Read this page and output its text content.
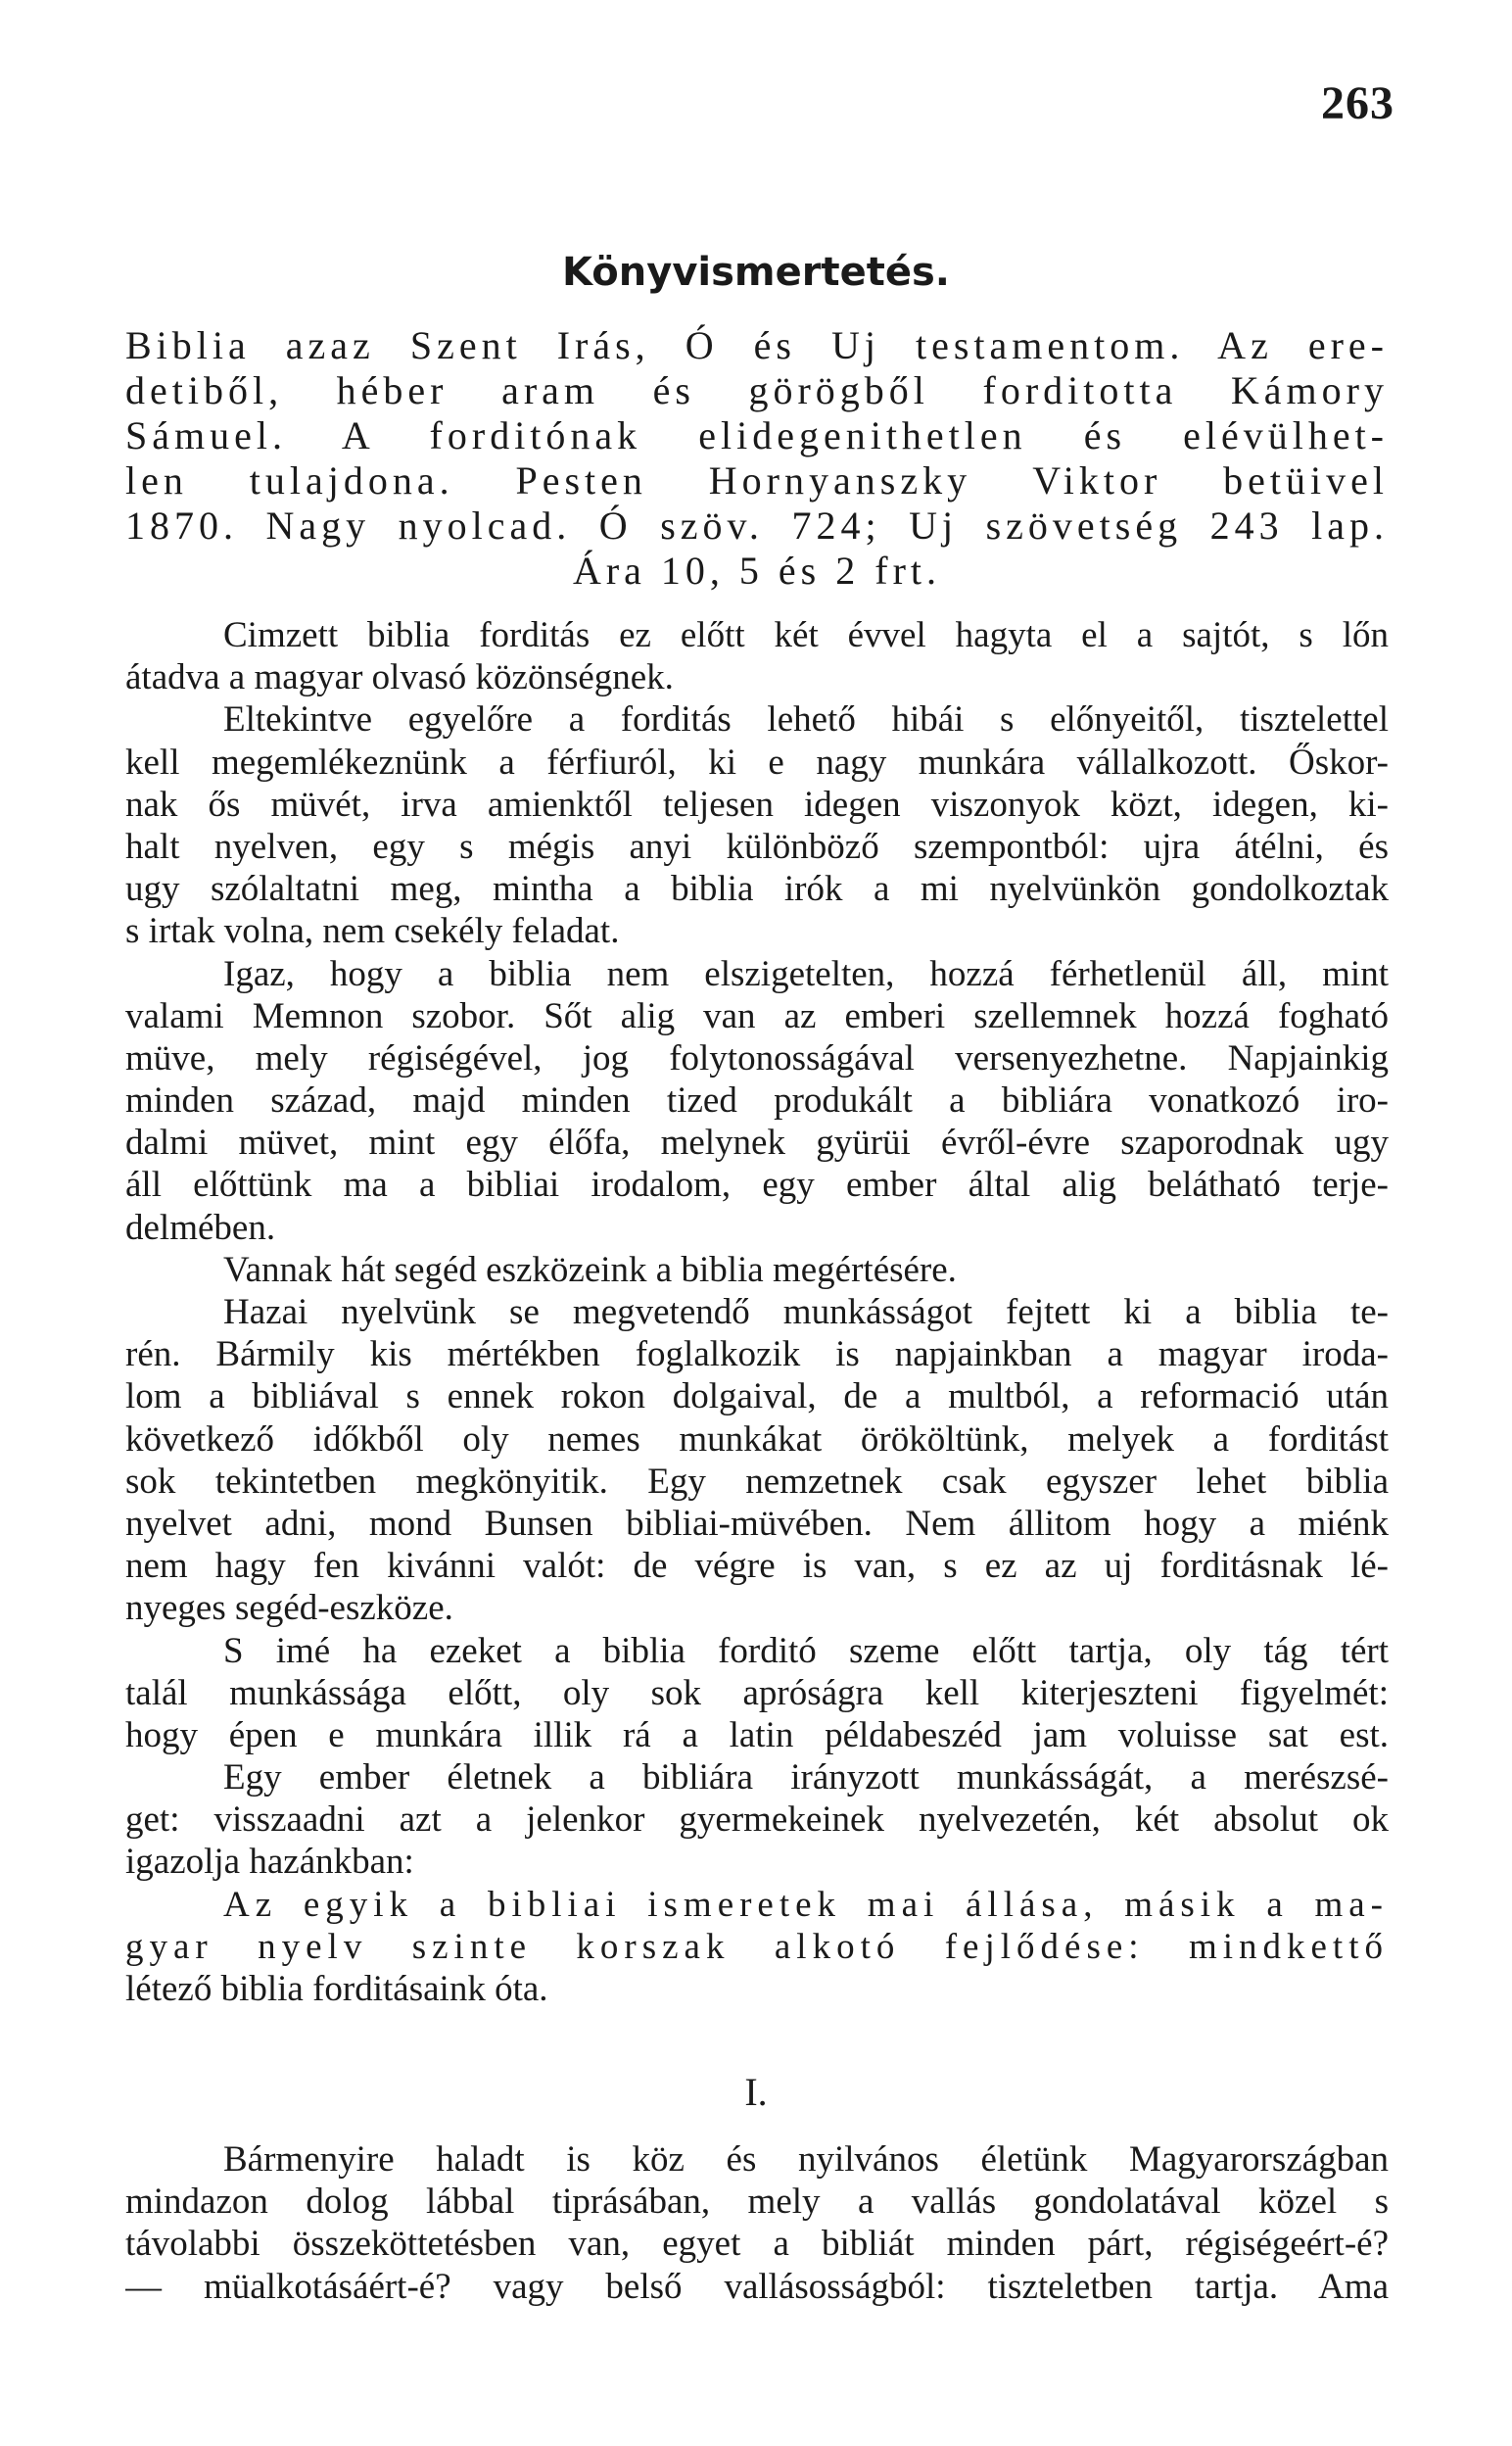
263
Könyvismertetés.
Biblia azaz Szent Irás, Ó és Uj testamentom. Az ere-
detiből, héber aram és görögből forditotta Kámory
Sámuel. A forditónak elidegenithetlen és elévülhet-
len tulajdona. Pesten Hornyanszky Viktor betüivel
1870. Nagy nyolcad. Ó szöv. 724; Uj szövetség 243 lap.
Ára 10, 5 és 2 frt.
Cimzett biblia forditás ez előtt két évvel hagyta el a sajtót, s lőn
átadva a magyar olvasó közönségnek.
Eltekintve egyelőre a forditás lehető hibái s előnyeitől, tisztelettel
kell megemlékeznünk a férfiuról, ki e nagy munkára vállalkozott. Őskor-
nak ős müvét, irva amienktől teljesen idegen viszonyok közt, idegen, ki-
halt nyelven, egy s mégis anyi különböző szempontból: ujra átélni, és
ugy szólaltatni meg, mintha a biblia irók a mi nyelvünkön gondolkoztak
s irtak volna, nem csekély feladat.
Igaz, hogy a biblia nem elszigetelten, hozzá férhetlenül áll, mint
valami Memnon szobor. Sőt alig van az emberi szellemnek hozzá fogható
müve, mely régiségével, jog folytonosságával versenyezhetne. Napjainkig
minden század, majd minden tized produkált a bibliára vonatkozó iro-
dalmi müvet, mint egy élőfa, melynek gyürüi évről-évre szaporodnak ugy
áll előttünk ma a bibliai irodalom, egy ember által alig belátható terje-
delmében.
Vannak hát segéd eszközeink a biblia megértésére.
Hazai nyelvünk se megvetendő munkásságot fejtett ki a biblia te-
rén. Bármily kis mértékben foglalkozik is napjainkban a magyar iroda-
lom a bibliával s ennek rokon dolgaival, de a multból, a reformació után
következő időkből oly nemes munkákat örököltünk, melyek a forditást
sok tekintetben megkönyitik. Egy nemzetnek csak egyszer lehet biblia
nyelvet adni, mond Bunsen bibliai-müvében. Nem állitom hogy a miénk
nem hagy fen kivánni valót: de végre is van, s ez az uj forditásnak lé-
nyeges segéd-eszköze.
S imé ha ezeket a biblia forditó szeme előtt tartja, oly tág tért
talál munkássága előtt, oly sok apróságra kell kiterjeszteni figyelmét:
hogy épen e munkára illik rá a latin példabeszéd jam voluisse sat est.
Egy ember életnek a bibliára irányzott munkásságát, a merészsé-
get: visszaadni azt a jelenkor gyermekeinek nyelvezetén, két absolut ok
igazolja hazánkban:
Az egyik a bibliai ismeretek mai állása, másik a ma-
gyar nyelv szinte korszak alkotó fejlődése: mindkettő
létező biblia forditásaink óta.
I.
Bármenyire haladt is köz és nyilvános életünk Magyarországban
mindazon dolog lábbal tiprásában, mely a vallás gondolatával közel s
távolabbi összeköttetésben van, egyet a bibliát minden párt, régiségeért-é?
— müalkotásáért-é? vagy belső vallásosságból: tiszteletben tartja. Ama
